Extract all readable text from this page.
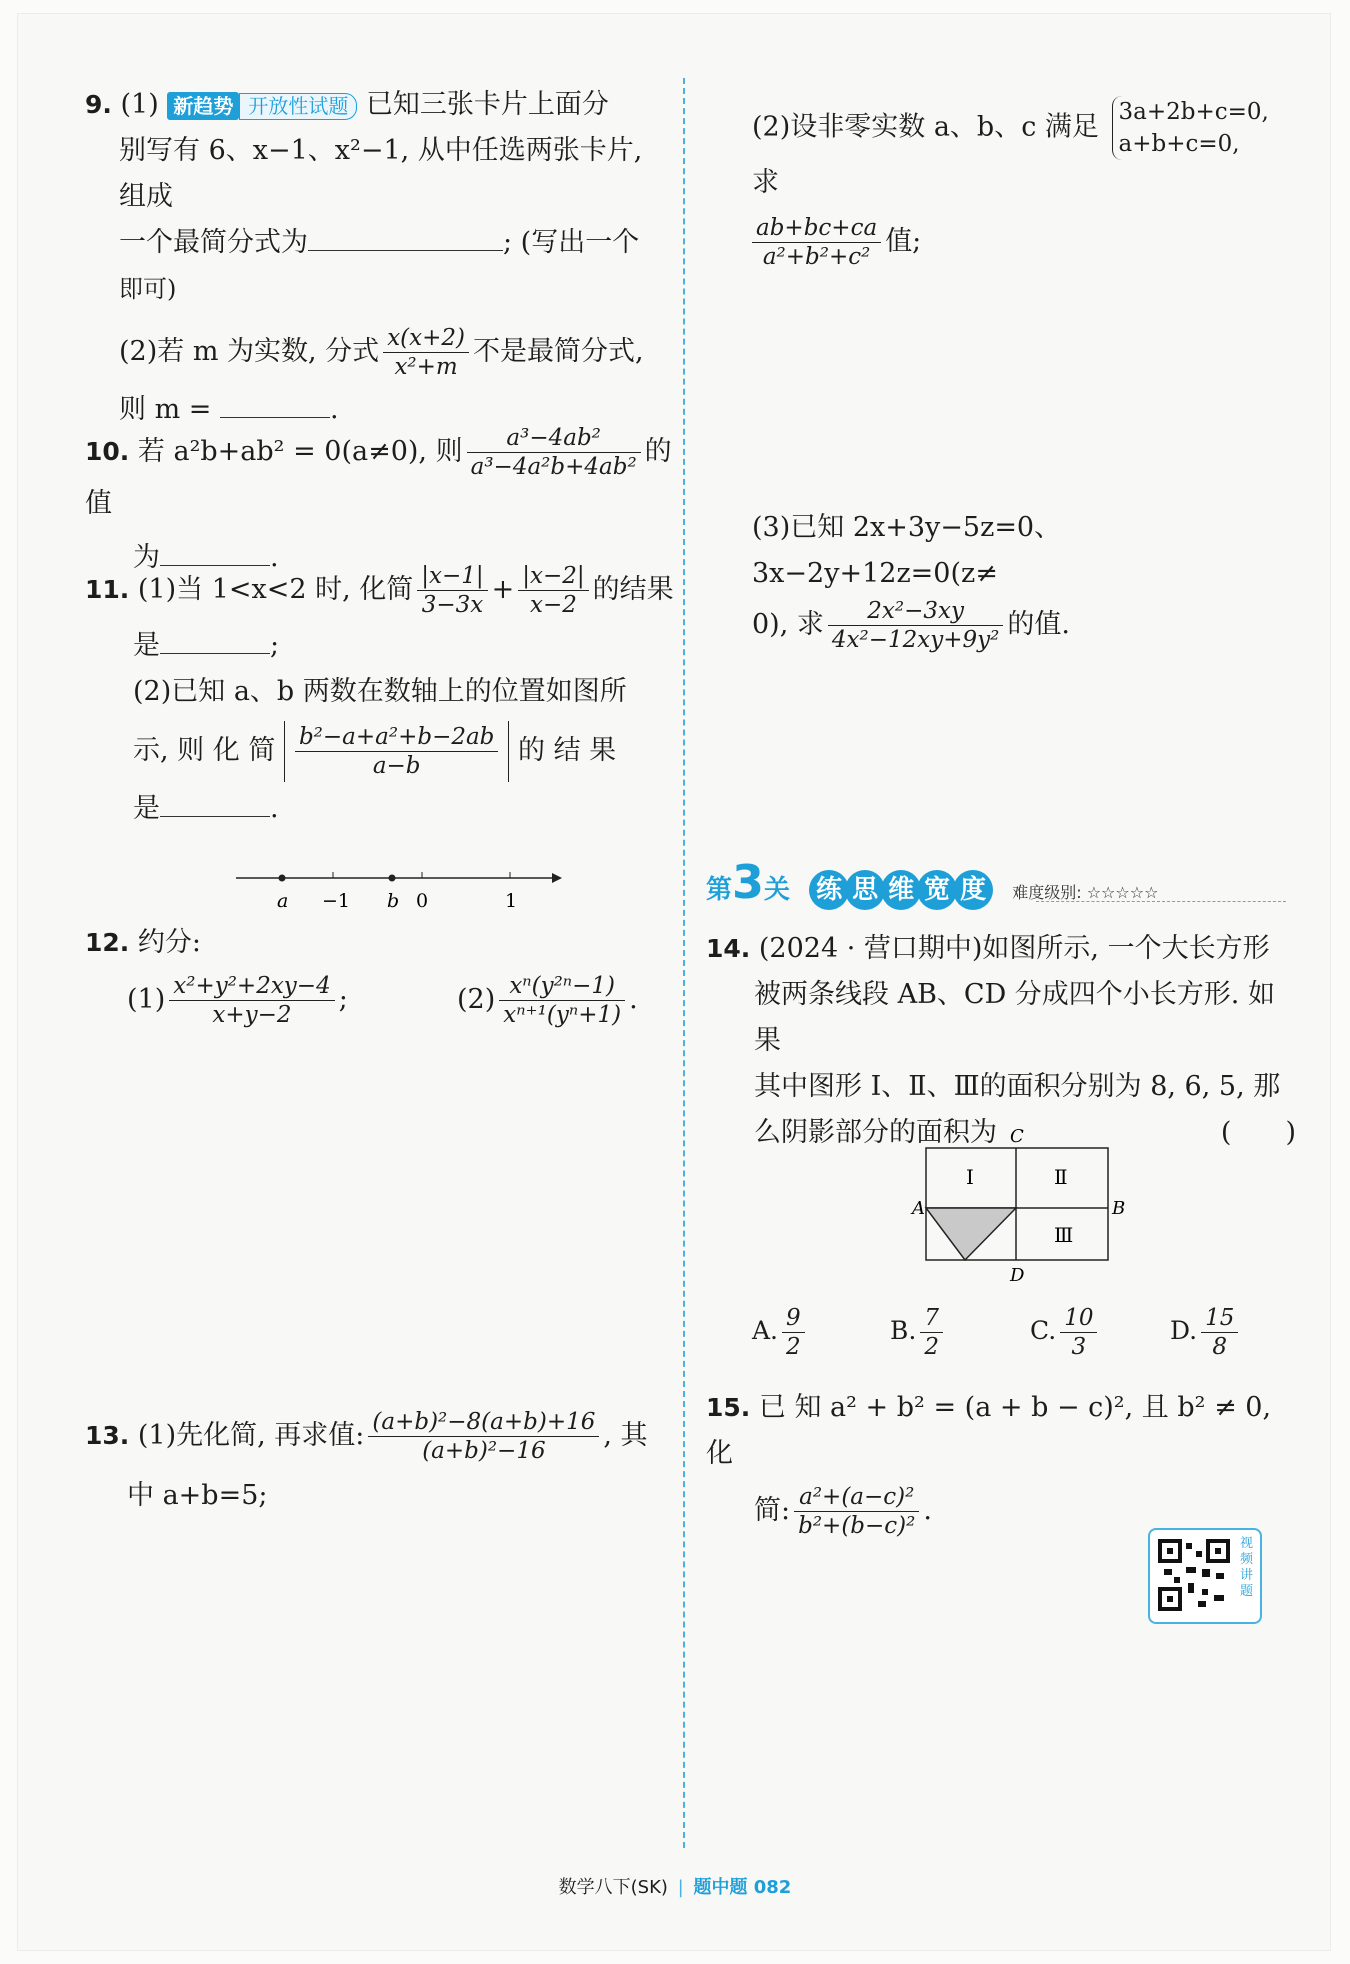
9. (1) 新趋势 开放性试题 已知三张卡片上面分
别写有 6、x−1、x²−1, 从中任选两张卡片, 组成
一个最简分式为	; (写出一个
即可)
(2)若 m 为实数, 分式 $\frac{x(x+2)}{\text{x²+m}}$ 不是最简分式,
则 m =	.
10. 若 a²b+ab² = 0(a≠0), 则 $\frac{\text{a³−4ab²}}{\text{a³−4a²b+4ab²}}$ 的值
为	.
11. (1)当 1<x<2 时, 化简 $\frac{|x-1|}{3-3x} + \frac{|x-2|}{x-2}$ 的结果
是	;
(2)已知 a、b 两数在数轴上的位置如图所
示, 则 化 简 $\frac{\text{b²−a+a²+b−2ab}}{a-b}$ 的 结 果
是	.
a −1 b 0	1
12. 约分:
$(1) \frac{\text{x²+y²+2xy−4}}{x+y-2}$ ;	$(2) \frac{\text{xⁿ(y²ⁿ−1)}}{\text{xⁿ⁺¹(yⁿ+1)}}$ .
13. (1)先化简, 再求值: $\frac{\text{(a+b)²−8(a+b)+16}}{\text{(a+b)²−16}}$ , 其
中 a+b=5;
(2)设非零实数 a、b、c 满足 3a+2b+c=0,
a+b+c=0,
求
$\frac{ab+bc+ca}{\text{a²+b²+c²}}$ 值;
(3)已知 2x+3y−5z=0、3x−2y+12z=0(z≠
0), 求 $\frac{\text{2x²−3xy}}{\text{4x²−12xy+9y²}}$ 的值.
第3关 练 思 维 宽 度 难度级别: ☆☆☆☆☆
14. (2024 · 营口期中)如图所示, 一个大长方形
被两条线段 AB、CD 分成四个小长方形. 如果
其中图形 Ⅰ、Ⅱ、Ⅲ的面积分别为 8, 6, 5, 那
么阴影部分的面积为	(　　)
C
A	B
D
Ⅰ	Ⅱ
Ⅲ
A. $\frac{9}{2}$	B. $\frac{7}{2}$	C. $\frac{10}{3}$	D. $\frac{15}{8}$
15. 已 知 a² + b² = (a + b − c)², 且 b² ≠ 0, 化
简: $\frac{\text{a²+(a−c)²}}{\text{b²+(b−c)²}}$ .
视频讲题
数学八下(SK) | 题中题 082
